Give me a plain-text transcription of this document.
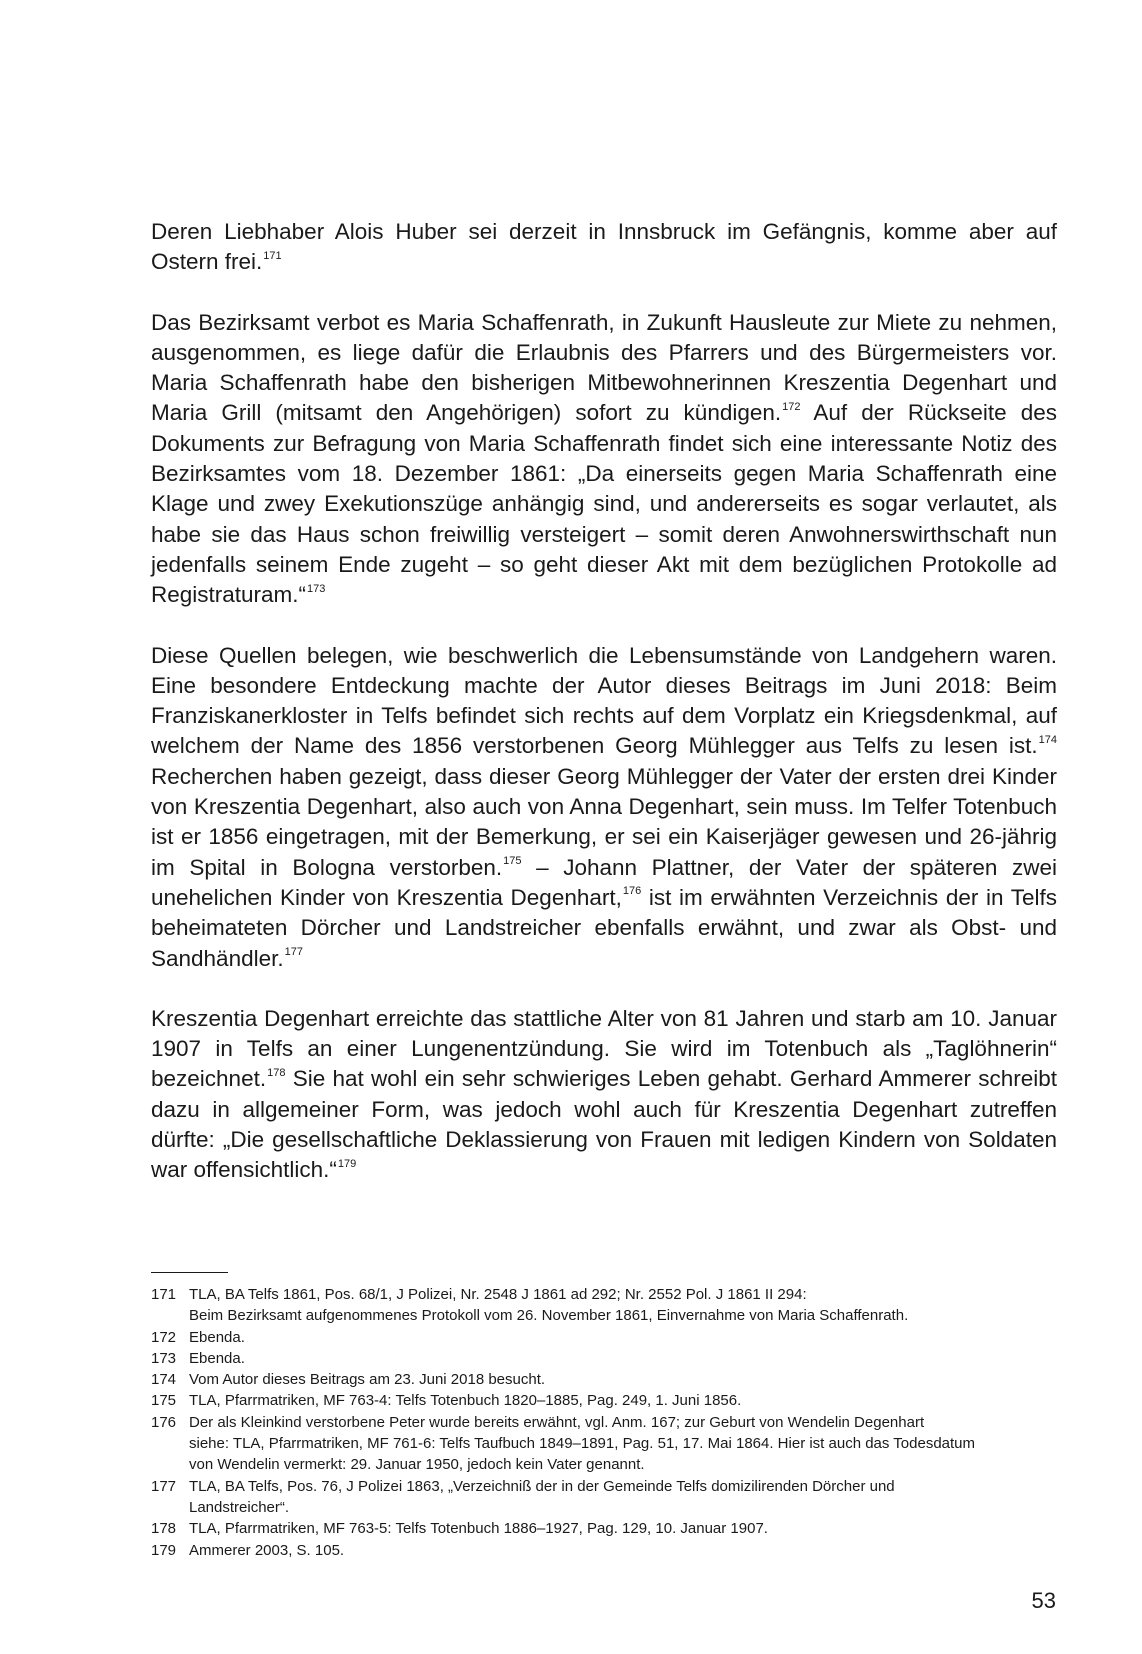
Deren Liebhaber Alois Huber sei derzeit in Innsbruck im Gefängnis, komme aber auf Ostern frei.$^{171}$

Das Bezirksamt verbot es Maria Schaffenrath, in Zukunft Hausleute zur Miete zu nehmen, ausgenommen, es liege dafür die Erlaubnis des Pfarrers und des Bürgermeisters vor. Maria Schaffenrath habe den bisherigen Mitbewohnerinnen Kreszentia Degenhart und Maria Grill (mitsamt den Angehörigen) sofort zu kündigen.$^{172}$ Auf der Rückseite des Dokuments zur Befragung von Maria Schaffenrath findet sich eine interessante Notiz des Bezirksamtes vom 18. Dezember 1861: „Da einerseits gegen Maria Schaffenrath eine Klage und zwey Exekutionszüge anhängig sind, und andererseits es sogar verlautet, als habe sie das Haus schon freiwillig versteigert – somit deren Anwohnerswirthschaft nun jedenfalls seinem Ende zugeht – so geht dieser Akt mit dem bezüglichen Protokolle ad Registraturam.“$^{173}$

Diese Quellen belegen, wie beschwerlich die Lebensumstände von Landgehern waren. Eine besondere Entdeckung machte der Autor dieses Beitrags im Juni 2018: Beim Franziskanerkloster in Telfs befindet sich rechts auf dem Vorplatz ein Kriegsdenkmal, auf welchem der Name des 1856 verstorbenen Georg Mühlegger aus Telfs zu lesen ist.$^{174}$ Recherchen haben gezeigt, dass dieser Georg Mühlegger der Vater der ersten drei Kinder von Kreszentia Degenhart, also auch von Anna Degenhart, sein muss. Im Telfer Totenbuch ist er 1856 eingetragen, mit der Bemerkung, er sei ein Kaiserjäger gewesen und 26-jährig im Spital in Bologna verstorben.$^{175}$ – Johann Plattner, der Vater der späteren zwei unehelichen Kinder von Kreszentia Degenhart,$^{176}$ ist im erwähnten Verzeichnis der in Telfs beheimateten Dörcher und Landstreicher ebenfalls erwähnt, und zwar als Obst- und Sandhändler.$^{177}$

Kreszentia Degenhart erreichte das stattliche Alter von 81 Jahren und starb am 10. Januar 1907 in Telfs an einer Lungenentzündung. Sie wird im Totenbuch als „Taglöhnerin“ bezeichnet.$^{178}$ Sie hat wohl ein sehr schwieriges Leben gehabt. Gerhard Ammerer schreibt dazu in allgemeiner Form, was jedoch wohl auch für Kreszentia Degenhart zutreffen dürfte: „Die gesellschaftliche Deklassierung von Frauen mit ledigen Kindern von Soldaten war offensichtlich.“$^{179}$

171 TLA, BA Telfs 1861, Pos. 68/1, J Polizei, Nr. 2548 J 1861 ad 292; Nr. 2552 Pol. J 1861 II 294:
Beim Bezirksamt aufgenommenes Protokoll vom 26. November 1861, Einvernahme von Maria Schaffenrath.
172 Ebenda.
173 Ebenda.
174 Vom Autor dieses Beitrags am 23. Juni 2018 besucht.
175 TLA, Pfarrmatriken, MF 763-4: Telfs Totenbuch 1820–1885, Pag. 249, 1. Juni 1856.
176 Der als Kleinkind verstorbene Peter wurde bereits erwähnt, vgl. Anm. 167; zur Geburt von Wendelin Degenhart
siehe: TLA, Pfarrmatriken, MF 761-6: Telfs Taufbuch 1849–1891, Pag. 51, 17. Mai 1864. Hier ist auch das Todesdatum
von Wendelin vermerkt: 29. Januar 1950, jedoch kein Vater genannt.
177 TLA, BA Telfs, Pos. 76, J Polizei 1863, „Verzeichniß der in der Gemeinde Telfs domizilirenden Dörcher und
Landstreicher“.
178 TLA, Pfarrmatriken, MF 763-5: Telfs Totenbuch 1886–1927, Pag. 129, 10. Januar 1907.
179 Ammerer 2003, S. 105.
53
